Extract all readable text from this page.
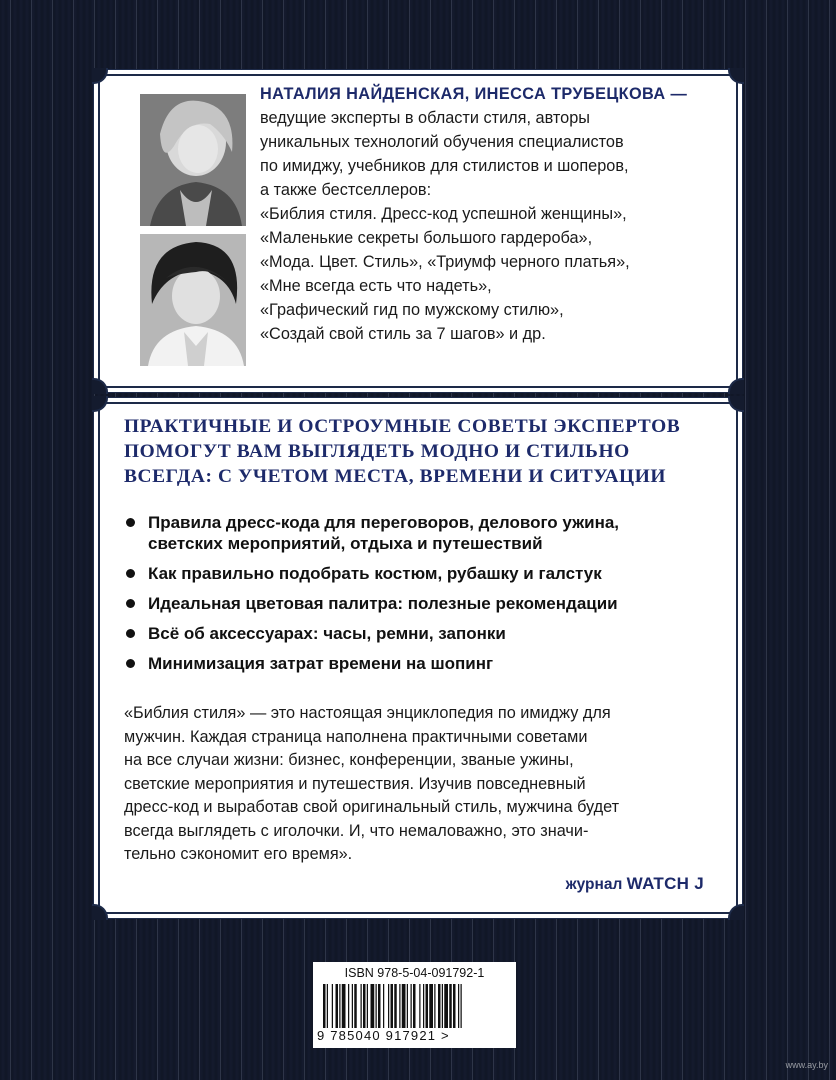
НАТАЛИЯ НАЙДЕНСКАЯ, ИНЕССА ТРУБЕЦКОВА —
ведущие эксперты в области стиля, авторы
уникальных технологий обучения специалистов
по имиджу, учебников для стилистов и шоперов,
а также бестселлеров:
«Библия стиля. Дресс-код успешной женщины»,
«Маленькие секреты большого гардероба»,
«Мода. Цвет. Стиль», «Триумф черного платья»,
«Мне всегда есть что надеть»,
«Графический гид по мужскому стилю»,
«Создай свой стиль за 7 шагов» и др.
ПРАКТИЧНЫЕ И ОСТРОУМНЫЕ СОВЕТЫ ЭКСПЕРТОВ
ПОМОГУТ ВАМ ВЫГЛЯДЕТЬ МОДНО И СТИЛЬНО
ВСЕГДА: С УЧЕТОМ МЕСТА, ВРЕМЕНИ И СИТУАЦИИ
Правила дресс-кода для переговоров, делового ужина,
светских мероприятий, отдыха и путешествий
Как правильно подобрать костюм, рубашку и галстук
Идеальная цветовая палитра: полезные рекомендации
Всё об аксессуарах: часы, ремни, запонки
Минимизация затрат времени на шопинг
«Библия стиля» — это настоящая энциклопедия по имиджу для
мужчин. Каждая страница наполнена практичными советами
на все случаи жизни: бизнес, конференции, званые ужины,
светские мероприятия и путешествия. Изучив повседневный
дресс-код и выработав свой оригинальный стиль, мужчина будет
всегда выглядеть с иголочки. И, что немаловажно, это значи-
тельно сэкономит его время».
журнал WATCH J
ISBN 978-5-04-091792-1
9 785040 917921 >
www.ay.by
